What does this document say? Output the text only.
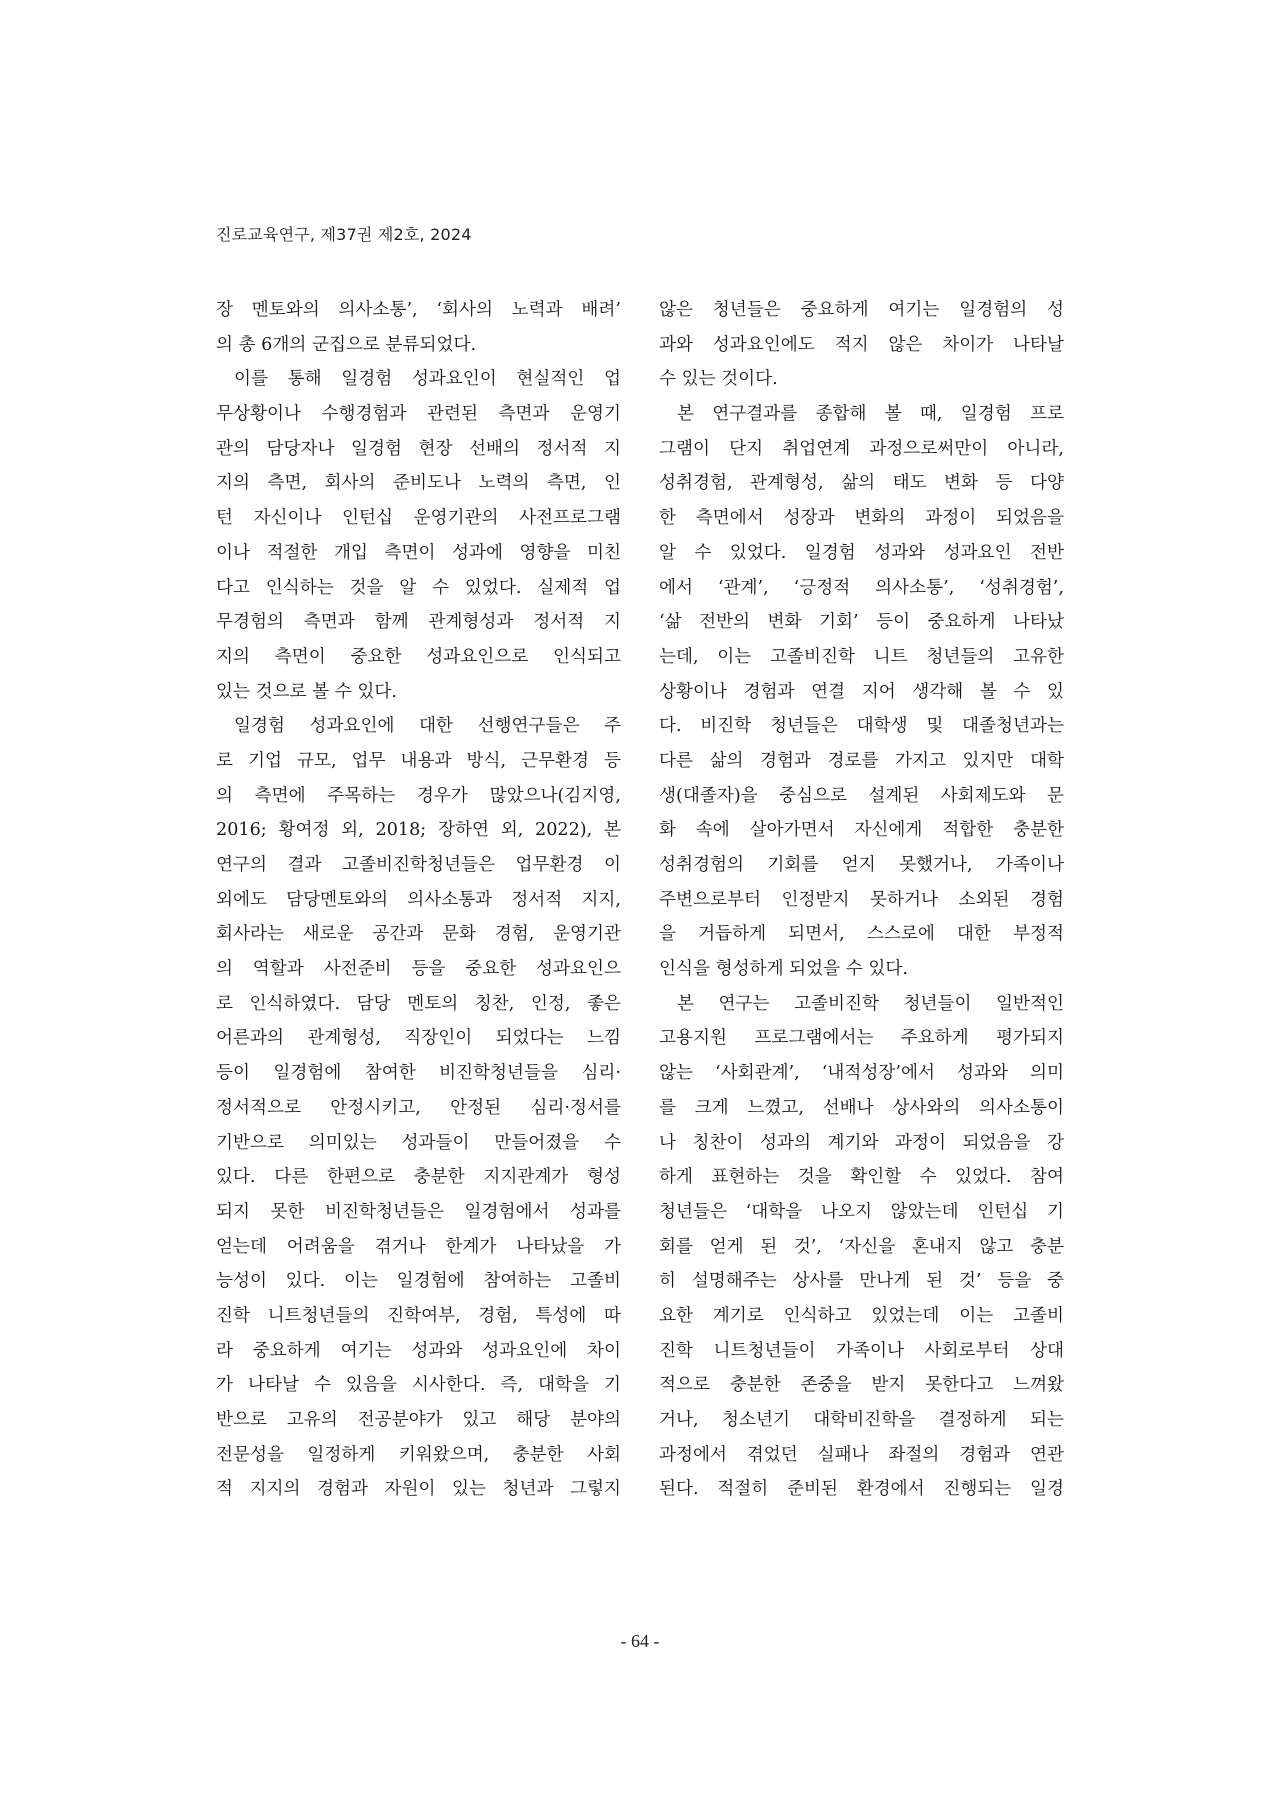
진로교육연구, 제37권 제2호, 2024
장 멘토와의 의사소통’, ‘회사의 노력과 배려’
의 총 6개의 군집으로 분류되었다.
이를 통해 일경험 성과요인이 현실적인 업
무상황이나 수행경험과 관련된 측면과 운영기
관의 담당자나 일경험 현장 선배의 정서적 지
지의 측면, 회사의 준비도나 노력의 측면, 인
턴 자신이나 인턴십 운영기관의 사전프로그램
이나 적절한 개입 측면이 성과에 영향을 미친
다고 인식하는 것을 알 수 있었다. 실제적 업
무경험의 측면과 함께 관계형성과 정서적 지
지의 측면이 중요한 성과요인으로 인식되고
있는 것으로 볼 수 있다.
일경험 성과요인에 대한 선행연구들은 주
로 기업 규모, 업무 내용과 방식, 근무환경 등
의 측면에 주목하는 경우가 많았으나(김지영,
2016; 황여정 외, 2018; 장하연 외, 2022), 본
연구의 결과 고졸비진학청년들은 업무환경 이
외에도 담당멘토와의 의사소통과 정서적 지지,
회사라는 새로운 공간과 문화 경험, 운영기관
의 역할과 사전준비 등을 중요한 성과요인으
로 인식하였다. 담당 멘토의 칭찬, 인정, 좋은
어른과의 관계형성, 직장인이 되었다는 느낌
등이 일경험에 참여한 비진학청년들을 심리·
정서적으로 안정시키고, 안정된 심리·정서를
기반으로 의미있는 성과들이 만들어졌을 수
있다. 다른 한편으로 충분한 지지관계가 형성
되지 못한 비진학청년들은 일경험에서 성과를
얻는데 어려움을 겪거나 한계가 나타났을 가
능성이 있다. 이는 일경험에 참여하는 고졸비
진학 니트청년들의 진학여부, 경험, 특성에 따
라 중요하게 여기는 성과와 성과요인에 차이
가 나타날 수 있음을 시사한다. 즉, 대학을 기
반으로 고유의 전공분야가 있고 해당 분야의
전문성을 일정하게 키워왔으며, 충분한 사회
적 지지의 경험과 자원이 있는 청년과 그렇지
않은 청년들은 중요하게 여기는 일경험의 성
과와 성과요인에도 적지 않은 차이가 나타날
수 있는 것이다.
본 연구결과를 종합해 볼 때, 일경험 프로
그램이 단지 취업연계 과정으로써만이 아니라,
성취경험, 관계형성, 삶의 태도 변화 등 다양
한 측면에서 성장과 변화의 과정이 되었음을
알 수 있었다. 일경험 성과와 성과요인 전반
에서 ‘관계’, ‘긍정적 의사소통’, ‘성취경험’,
‘삶 전반의 변화 기회’ 등이 중요하게 나타났
는데, 이는 고졸비진학 니트 청년들의 고유한
상황이나 경험과 연결 지어 생각해 볼 수 있
다. 비진학 청년들은 대학생 및 대졸청년과는
다른 삶의 경험과 경로를 가지고 있지만 대학
생(대졸자)을 중심으로 설계된 사회제도와 문
화 속에 살아가면서 자신에게 적합한 충분한
성취경험의 기회를 얻지 못했거나, 가족이나
주변으로부터 인정받지 못하거나 소외된 경험
을 거듭하게 되면서, 스스로에 대한 부정적
인식을 형성하게 되었을 수 있다.
본 연구는 고졸비진학 청년들이 일반적인
고용지원 프로그램에서는 주요하게 평가되지
않는 ‘사회관계’, ‘내적성장’에서 성과와 의미
를 크게 느꼈고, 선배나 상사와의 의사소통이
나 칭찬이 성과의 계기와 과정이 되었음을 강
하게 표현하는 것을 확인할 수 있었다. 참여
청년들은 ‘대학을 나오지 않았는데 인턴십 기
회를 얻게 된 것’, ‘자신을 혼내지 않고 충분
히 설명해주는 상사를 만나게 된 것’ 등을 중
요한 계기로 인식하고 있었는데 이는 고졸비
진학 니트청년들이 가족이나 사회로부터 상대
적으로 충분한 존중을 받지 못한다고 느껴왔
거나, 청소년기 대학비진학을 결정하게 되는
과정에서 겪었던 실패나 좌절의 경험과 연관
된다. 적절히 준비된 환경에서 진행되는 일경
- 64 -
